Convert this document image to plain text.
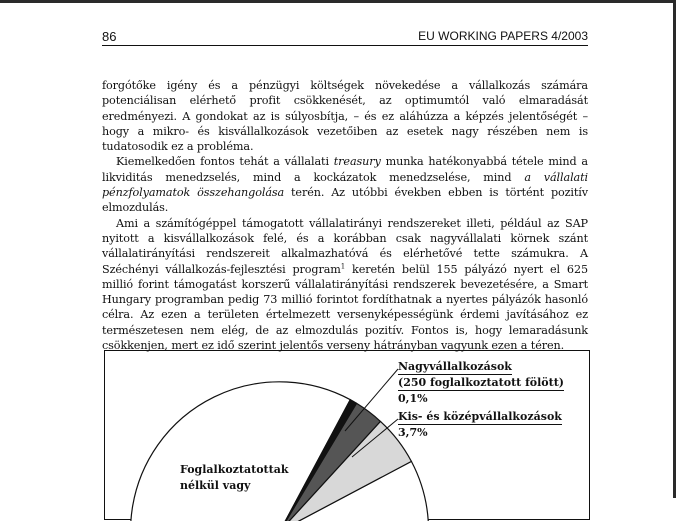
86	EU WORKING PAPERS 4/2003

forgótőke igény és a pénzügyi költségek növekedése a vállalkozás számára potenciálisan elérhető profit csökkenését, az optimumtól való elmaradását eredményezi. A gondokat az is súlyosbítja, – és ez aláhúzza a képzés jelentőségét – hogy a mikro- és kisvállalkozások vezetőiben az esetek nagy részében nem is tudatosodik ez a probléma.

Kiemelkedően fontos tehát a vállalati treasury munka hatékonyabbá tétele mind a likviditás menedzselés, mind a kockázatok menedzselése, mind a vállalati pénzfolyamatok összehangolása terén. Az utóbbi években ebben is történt pozitív elmozdulás.

Ami a számítógéppel támogatott vállalatirányi rendszereket illeti, például az SAP nyitott a kisvállalkozások felé, és a korábban csak nagyvállalati körnek szánt vállalatirányítási rendszereit alkalmazhatóvá és elérhetővé tette számukra. A Széchényi vállalkozás-fejlesztési program$^1$ keretén belül 155 pályázó nyert el 625 millió forint támogatást korszerű vállalatirányítási rendszerek bevezetésére, a Smart Hungary programban pedig 73 millió forintot fordíthatnak a nyertes pályázók hasonló célra. Az ezen a területen értelmezett versenyképességünk érdemi javításához ez természetesen nem elég, de az elmozdulás pozitív. Fontos is, hogy lemaradásunk csökkenjen, mert ez idő szerint jelentős verseny hátrányban vagyunk ezen a téren.

Nagyvállalkozások
(250 foglalkoztatott fölött)
0,1%
Kis- és középvállalkozások
3,7%
Foglalkoztatottak
nélkül vagy
